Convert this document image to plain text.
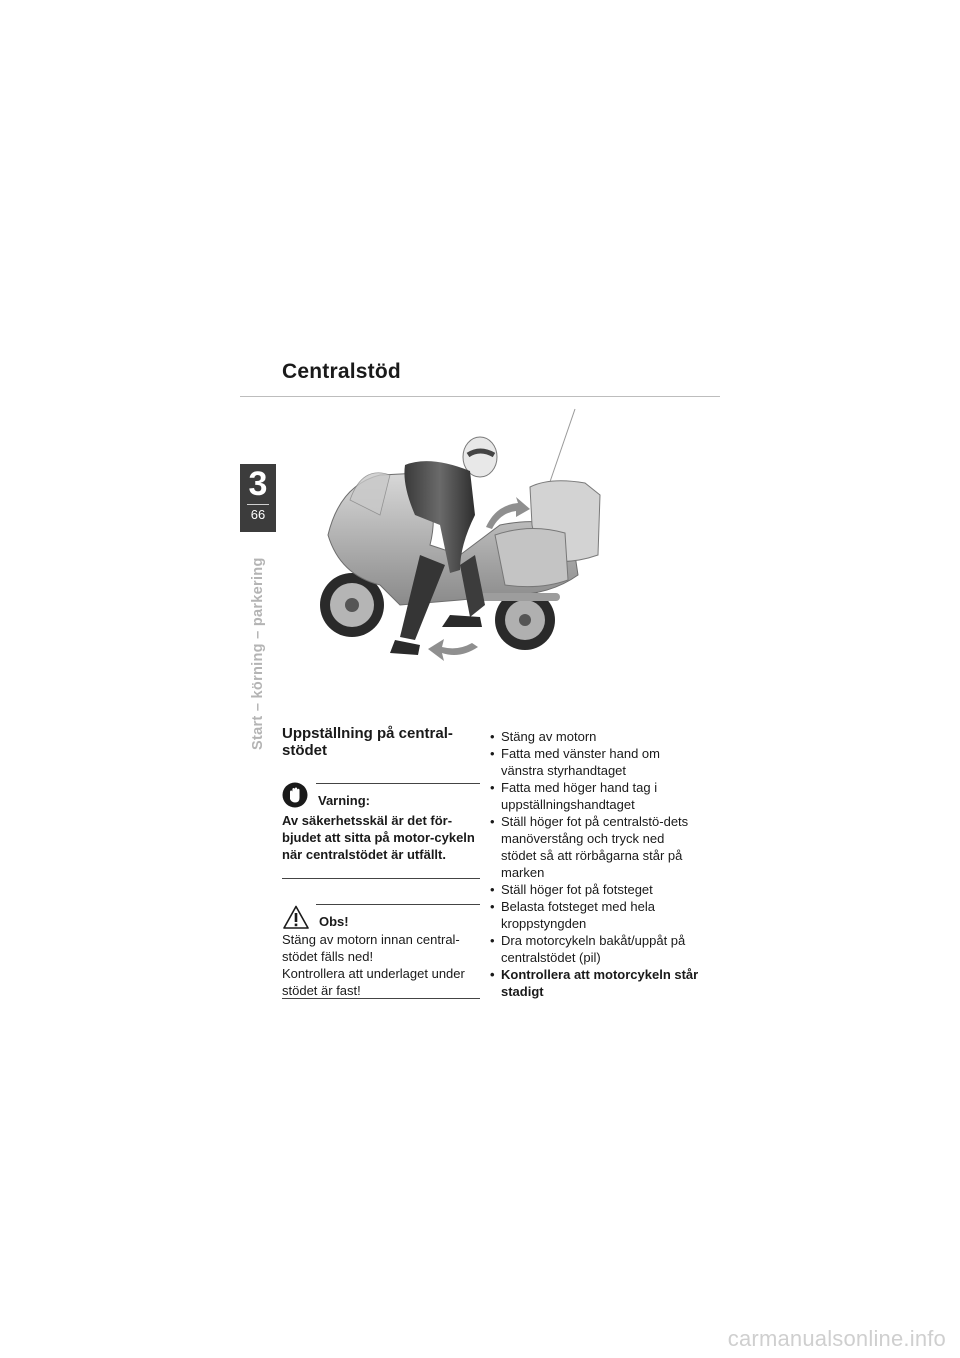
Centralstöd
3
66
Start – körning – parkering Uppställning på central-stödet
Varning:
Av säkerhetsskäl är det för-bjudet att sitta på motor-cykeln när centralstödet är utfällt.
Obs!

Stäng av motorn innan central-stödet fälls ned!

Kontrollera att underlaget under stödet är fast!

• Stäng av motorn
• Fatta med vänster hand om vänstra styrhandtaget
• Fatta med höger hand tag i uppställningshandtaget
• Ställ höger fot på centralstö-dets manöverstång och tryck ned stödet så att rörbågarna står på marken
• Ställ höger fot på fotsteget
• Belasta fotsteget med hela kroppstyngden
• Dra motorcykeln bakåt/uppåt på centralstödet (pil)
• Kontrollera att motorcykeln står stadigt
carmanualsonline.info
